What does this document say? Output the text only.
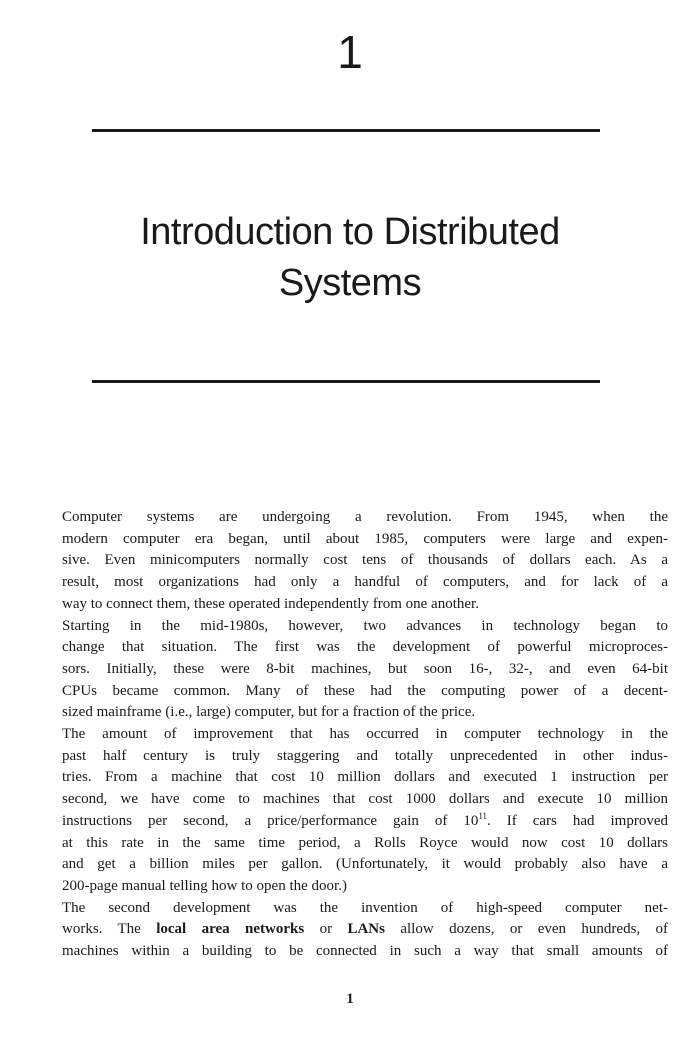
1
Introduction to Distributed
Systems
Computer systems are undergoing a revolution. From 1945, when the
modern computer era began, until about 1985, computers were large and expen-
sive. Even minicomputers normally cost tens of thousands of dollars each. As a
result, most organizations had only a handful of computers, and for lack of a
way to connect them, these operated independently from one another.
Starting in the mid-1980s, however, two advances in technology began to
change that situation. The first was the development of powerful microproces-
sors. Initially, these were 8-bit machines, but soon 16-, 32-, and even 64-bit
CPUs became common. Many of these had the computing power of a decent-
sized mainframe (i.e., large) computer, but for a fraction of the price.
The amount of improvement that has occurred in computer technology in the
past half century is truly staggering and totally unprecedented in other indus-
tries. From a machine that cost 10 million dollars and executed 1 instruction per
second, we have come to machines that cost 1000 dollars and execute 10 million
instructions per second, a price/performance gain of $10^{11}$. If cars had improved
at this rate in the same time period, a Rolls Royce would now cost 10 dollars
and get a billion miles per gallon. (Unfortunately, it would probably also have a
200-page manual telling how to open the door.)
The second development was the invention of high-speed computer net-
works. The local area networks or LANs allow dozens, or even hundreds, of
machines within a building to be connected in such a way that small amounts of
1
